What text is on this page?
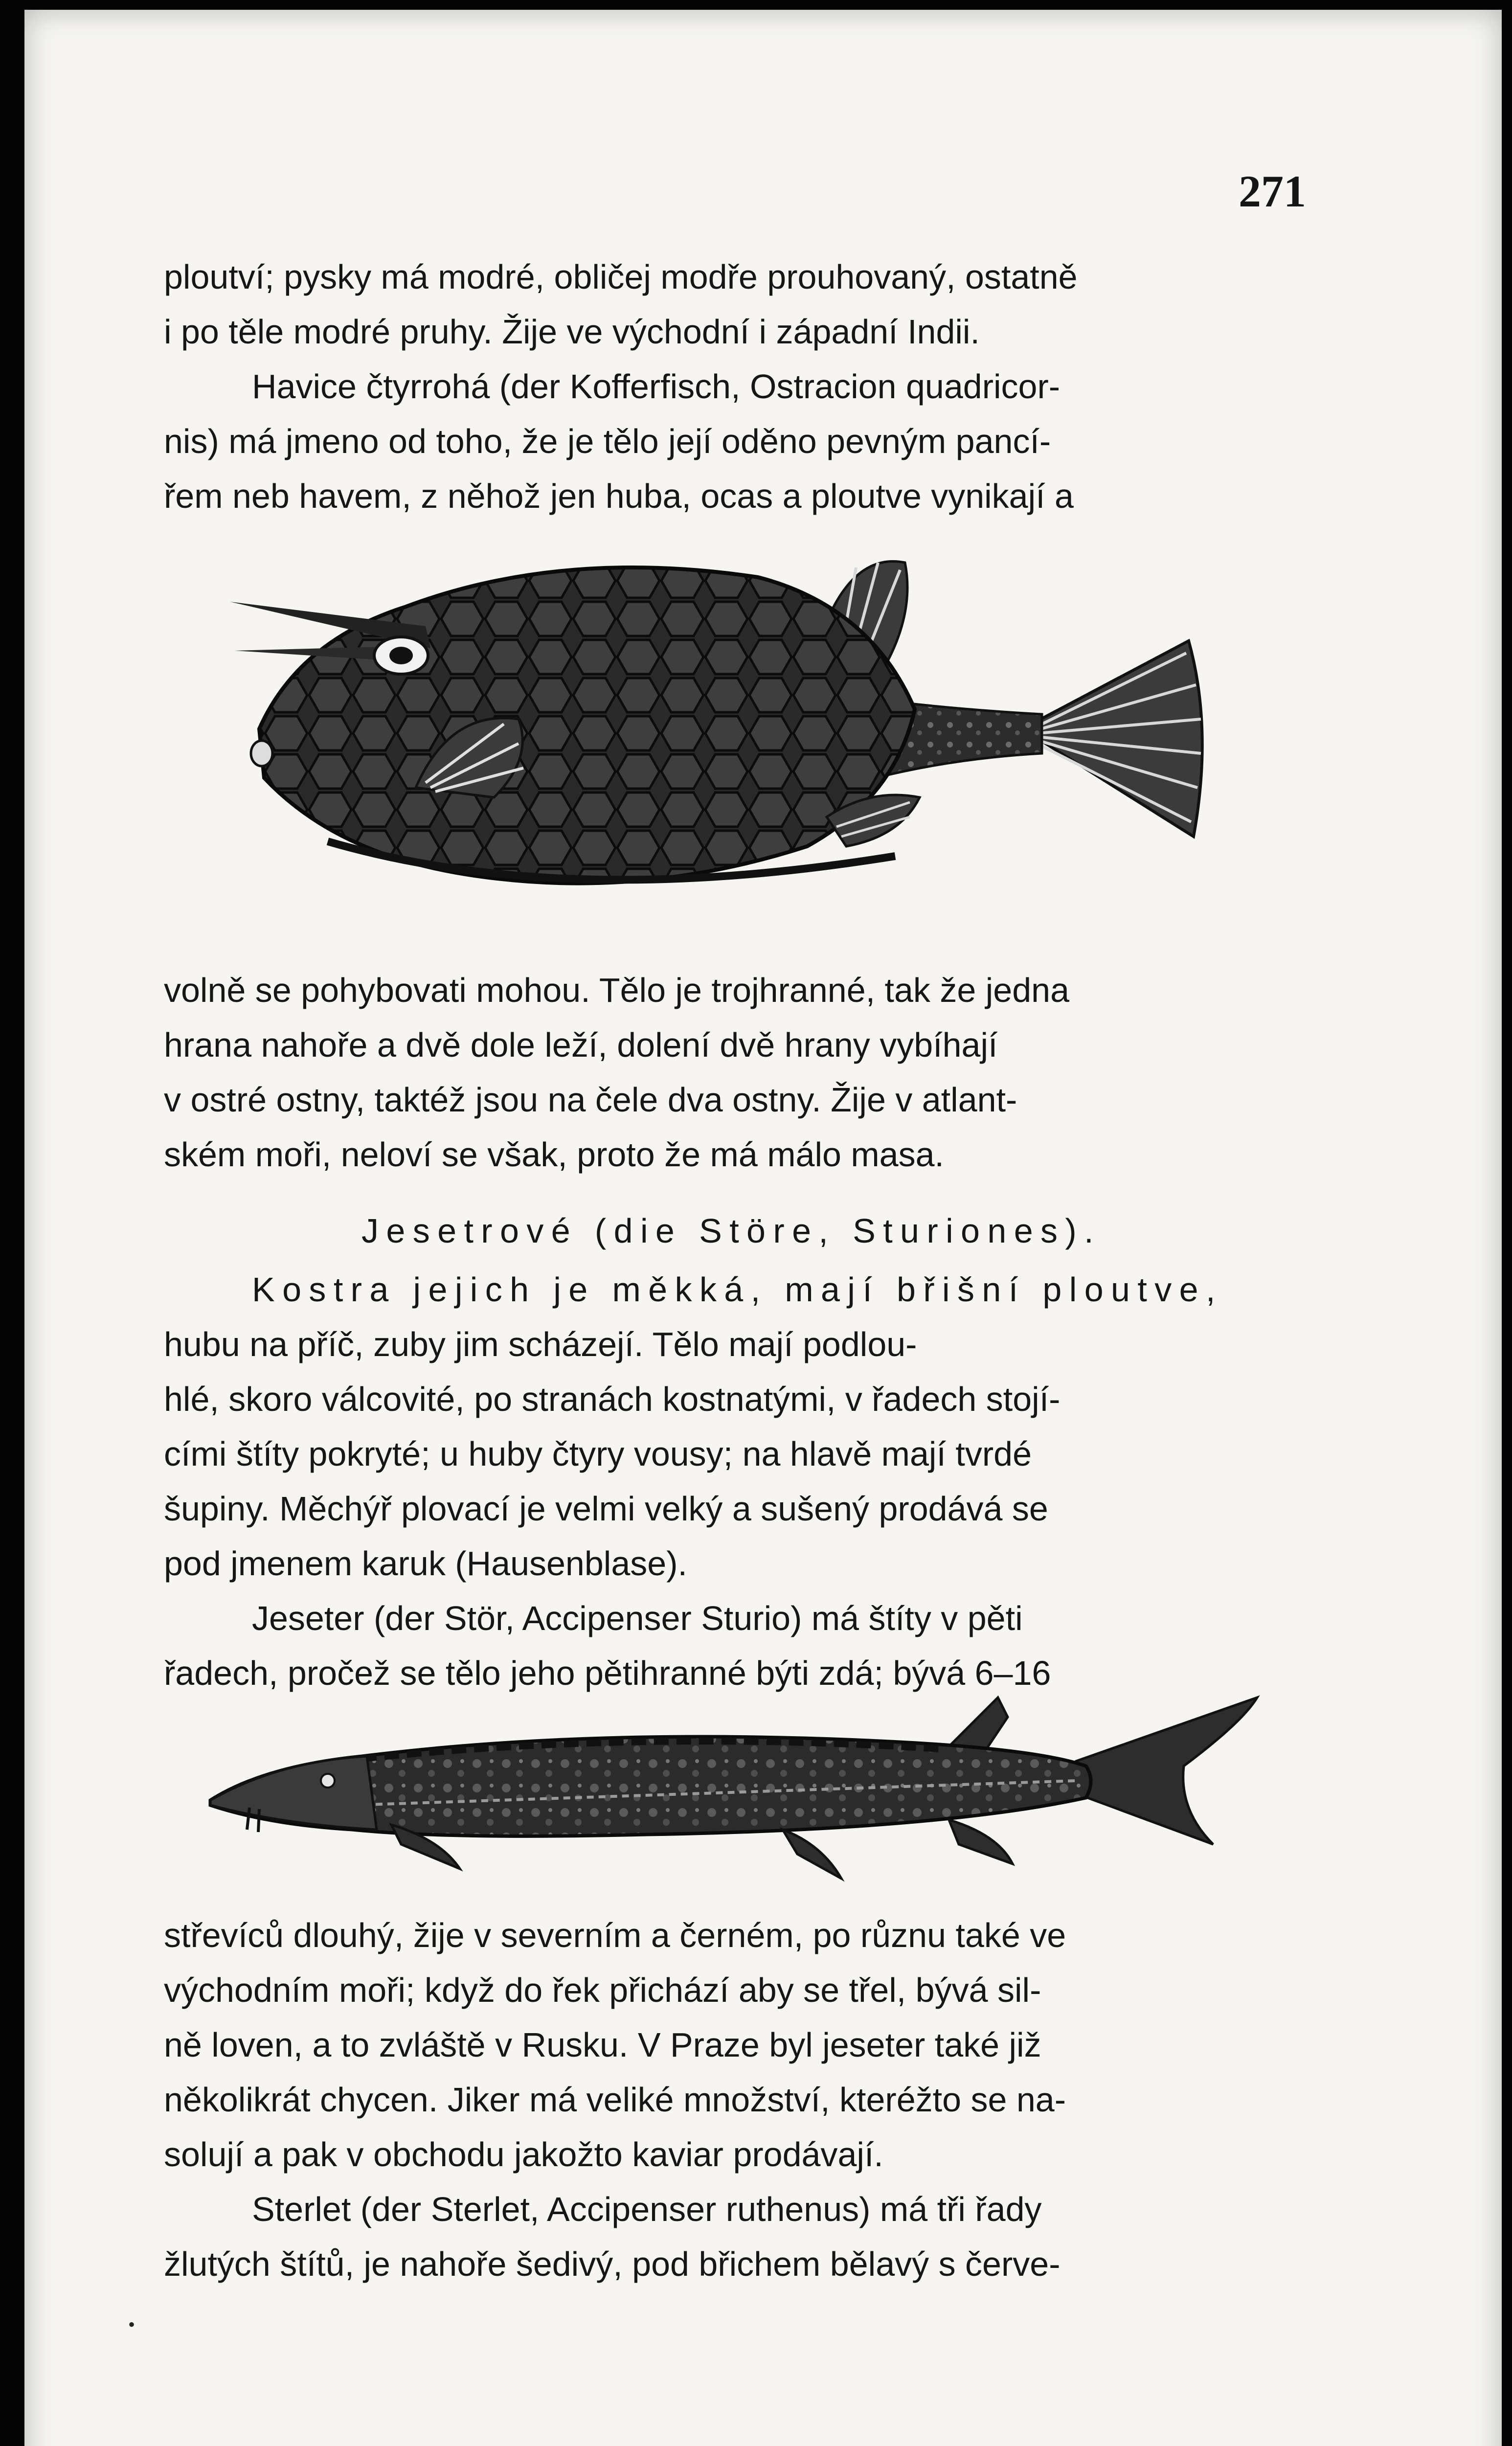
271
ploutví; pysky má modré, obličej modře prouhovaný, ostatně
i po těle modré pruhy. Žije ve východní i západní Indii.
Havice čtyrrohá (der Kofferfisch, Ostracion quadricor-
nis) má jmeno od toho, že je tělo její oděno pevným pancí-
řem neb havem, z něhož jen huba, ocas a ploutve vynikají a
volně se pohybovati mohou. Tělo je trojhranné, tak že jedna
hrana nahoře a dvě dole leží, dolení dvě hrany vybíhají
v ostré ostny, taktéž jsou na čele dva ostny. Žije v atlant-
ském moři, neloví se však, proto že má málo masa.
Jesetrové (die Störe, Sturiones).
Kostra jejich je měkká, mají břišní ploutve,
hubu na příč, zuby jim scházejí. Tělo mají podlou-
hlé, skoro válcovité, po stranách kostnatými, v řadech stojí-
cími štíty pokryté; u huby čtyry vousy; na hlavě mají tvrdé
šupiny. Měchýř plovací je velmi velký a sušený prodává se
pod jmenem karuk (Hausenblase).
Jeseter (der Stör, Accipenser Sturio) má štíty v pěti
řadech, pročež se tělo jeho pětihranné býti zdá; bývá 6–16
střevíců dlouhý, žije v severním a černém, po různu také ve
východním moři; když do řek přichází aby se třel, bývá sil-
ně loven, a to zvláště v Rusku. V Praze byl jeseter také již
několikrát chycen. Jiker má veliké množství, kteréžto se na-
solují a pak v obchodu jakožto kaviar prodávají.
Sterlet (der Sterlet, Accipenser ruthenus) má tři řady
žlutých štítů, je nahoře šedivý, pod břichem bělavý s červe-
•
